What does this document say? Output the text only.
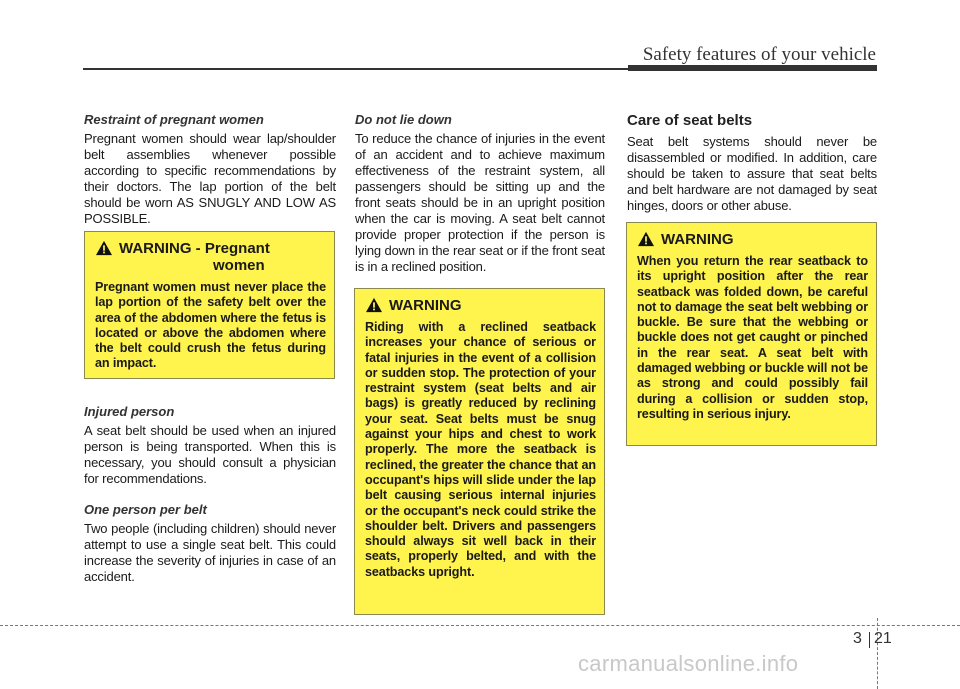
Safety features of your vehicle

Restraint of pregnant women

Pregnant women should wear lap/shoulder belt assemblies whenever possible according to specific recommendations by their doctors. The lap portion of the belt should be worn AS SNUGLY AND LOW AS POSSIBLE.

WARNING - Pregnant
women

Pregnant women must never place the lap portion of the safety belt over the area of the abdomen where the fetus is located or above the abdomen where the belt could crush the fetus during an impact.

Injured person

A seat belt should be used when an injured person is being transported. When this is necessary, you should consult a physician for recommendations.

One person per belt

Two people (including children) should never attempt to use a single seat belt. This could increase the severity of injuries in case of an accident.

Do not lie down

To reduce the chance of injuries in the event of an accident and to achieve maximum effectiveness of the restraint system, all passengers should be sitting up and the front seats should be in an upright position when the car is moving. A seat belt cannot provide proper protection if the person is lying down in the rear seat or if the front seat is in a reclined position.

WARNING

Riding with a reclined seatback increases your chance of serious or fatal injuries in the event of a collision or sudden stop. The protection of your restraint system (seat belts and air bags) is greatly reduced by reclining your seat. Seat belts must be snug against your hips and chest to work properly. The more the seatback is reclined, the greater the chance that an occupant's hips will slide under the lap belt causing serious internal injuries or the occupant's neck could strike the shoulder belt. Drivers and passengers should always sit well back in their seats, properly belted, and with the seatbacks upright.

Care of seat belts

Seat belt systems should never be disassembled or modified. In addition, care should be taken to assure that seat belts and belt hardware are not damaged by seat hinges, doors or other abuse.

WARNING

When you return the rear seatback to its upright position after the rear seatback was folded down, be careful not to damage the seat belt webbing or buckle. Be sure that the webbing or buckle does not get caught or pinched in the rear seat. A seat belt with damaged webbing or buckle will not be as strong and could possibly fail during a collision or sudden stop, resulting in serious injury.

3 21
carmanualsonline.info
